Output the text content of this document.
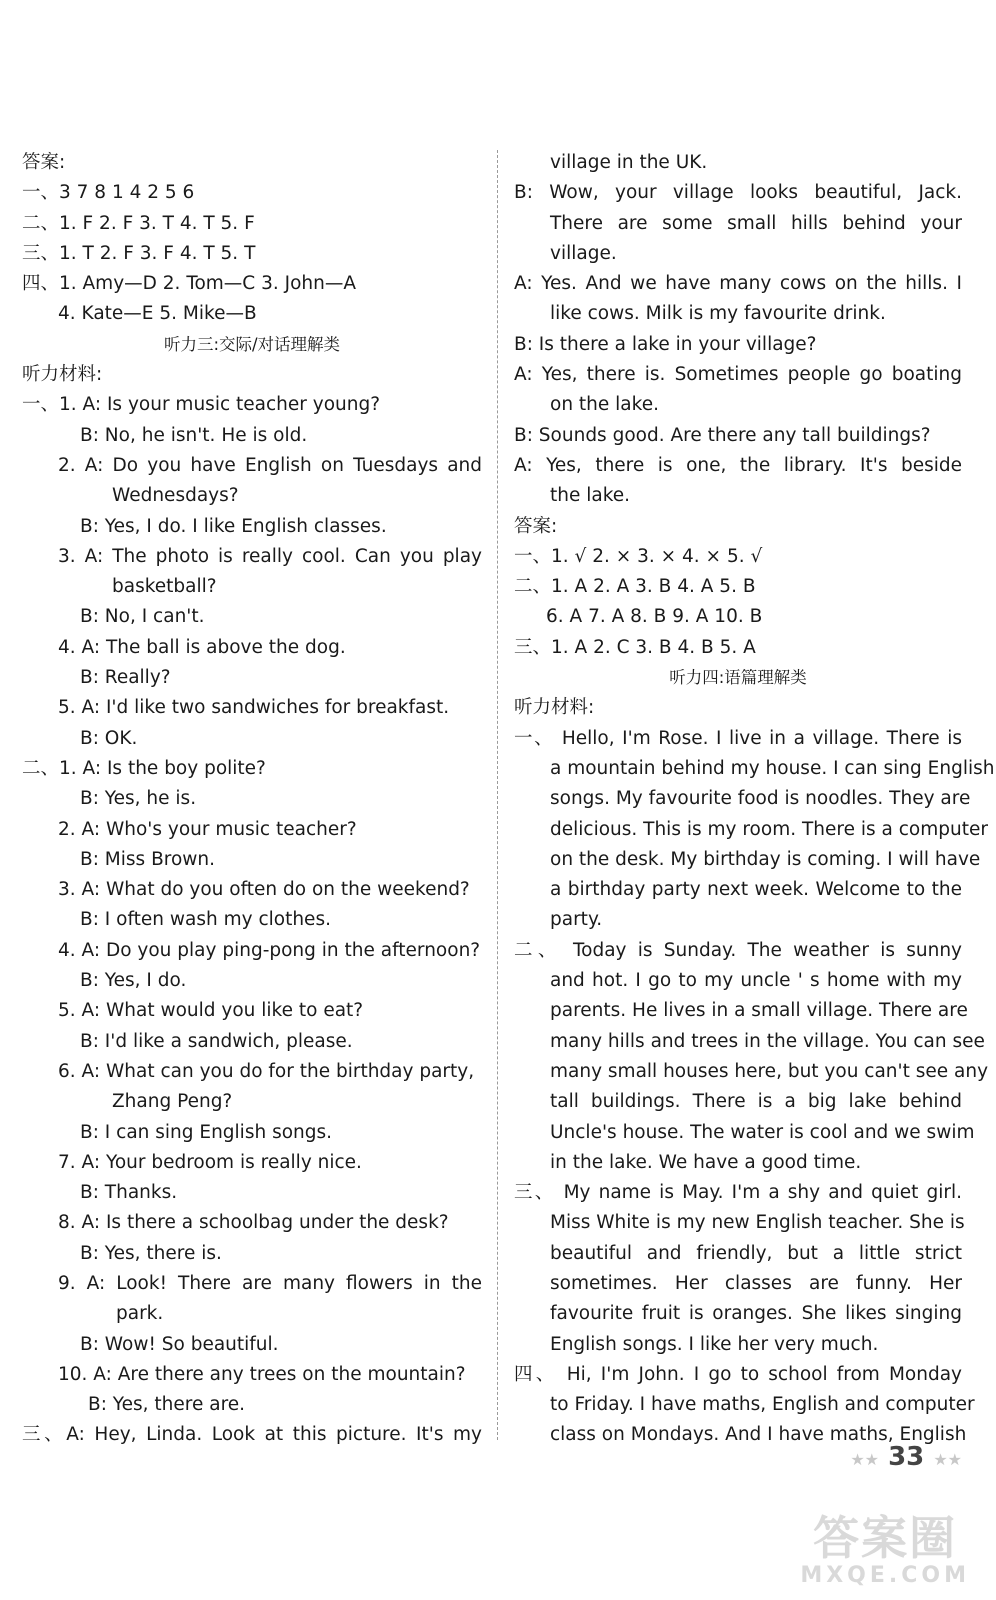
答案:
一、3 7 8 1 4 2 5 6
二、1. F 2. F 3. T 4. T 5. F
三、1. T 2. F 3. F 4. T 5. T
四、1. Amy—D 2. Tom—C 3. John—A
4. Kate—E 5. Mike—B
听力三:交际/对话理解类
听力材料:
一、1. A: Is your music teacher young?
B: No, he isn't. He is old.
2. A: Do you have English on Tuesdays and
Wednesdays?
B: Yes, I do. I like English classes.
3. A: The photo is really cool. Can you play
basketball?
B: No, I can't.
4. A: The ball is above the dog.
B: Really?
5. A: I'd like two sandwiches for breakfast.
B: OK.
二、1. A: Is the boy polite?
B: Yes, he is.
2. A: Who's your music teacher?
B: Miss Brown.
3. A: What do you often do on the weekend?
B: I often wash my clothes.
4. A: Do you play ping-pong in the afternoon?
B: Yes, I do.
5. A: What would you like to eat?
B: I'd like a sandwich, please.
6. A: What can you do for the birthday party,
Zhang Peng?
B: I can sing English songs.
7. A: Your bedroom is really nice.
B: Thanks.
8. A: Is there a schoolbag under the desk?
B: Yes, there is.
9. A: Look! There are many flowers in the
park.
B: Wow! So beautiful.
10. A: Are there any trees on the mountain?
B: Yes, there are.
三、A: Hey, Linda. Look at this picture. It's my
village in the UK.
B: Wow, your village looks beautiful, Jack.
There are some small hills behind your
village.
A: Yes. And we have many cows on the hills. I
like cows. Milk is my favourite drink.
B: Is there a lake in your village?
A: Yes, there is. Sometimes people go boating
on the lake.
B: Sounds good. Are there any tall buildings?
A: Yes, there is one, the library. It's beside
the lake.
答案:
一、1. √ 2. × 3. × 4. × 5. √
二、1. A 2. A 3. B 4. A 5. B
6. A 7. A 8. B 9. A 10. B
三、1. A 2. C 3. B 4. B 5. A
听力四:语篇理解类
听力材料:
一、 Hello, I'm Rose. I live in a village. There is
a mountain behind my house. I can sing English
songs. My favourite food is noodles. They are
delicious. This is my room. There is a computer
on the desk. My birthday is coming. I will have
a birthday party next week. Welcome to the
party.
二、 Today is Sunday. The weather is sunny
and hot. I go to my uncle ' s home with my
parents. He lives in a small village. There are
many hills and trees in the village. You can see
many small houses here, but you can't see any
tall buildings. There is a big lake behind
Uncle's house. The water is cool and we swim
in the lake. We have a good time.
三、 My name is May. I'm a shy and quiet girl.
Miss White is my new English teacher. She is
beautiful and friendly, but a little strict
sometimes. Her classes are funny. Her
favourite fruit is oranges. She likes singing
English songs. I like her very much.
四、 Hi, I'm John. I go to school from Monday
to Friday. I have maths, English and computer
class on Mondays. And I have maths, English
★★ 33 ★★
答案圈
MXQE.COM
